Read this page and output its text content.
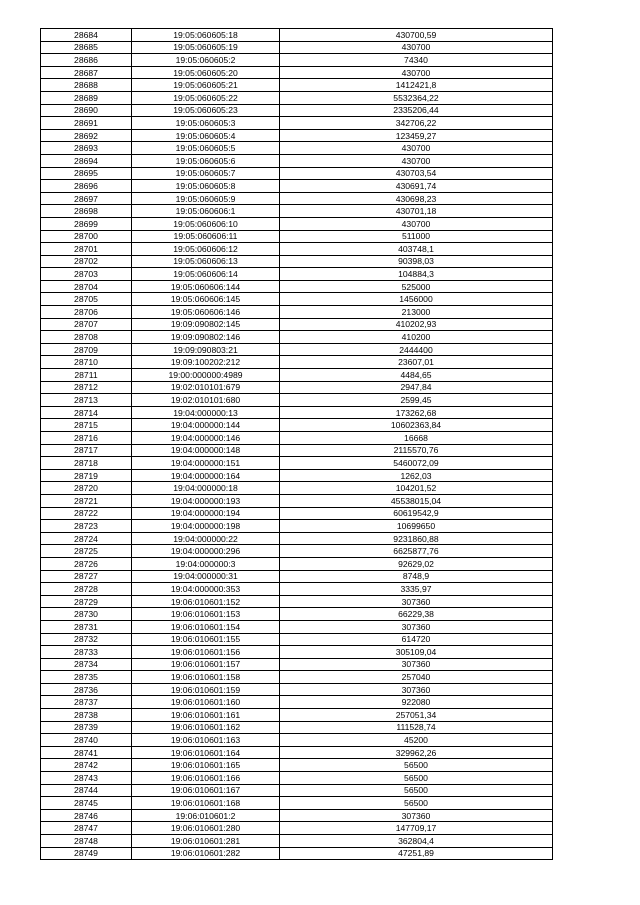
28684	19:05:060605:18	430700,59
28685	19:05:060605:19	430700
28686	19:05:060605:2	74340
28687	19:05:060605:20	430700
28688	19:05:060605:21	1412421,8
28689	19:05:060605:22	5532364,22
28690	19:05:060605:23	2335206,44
28691	19:05:060605:3	342706,22
28692	19:05:060605:4	123459,27
28693	19:05:060605:5	430700
28694	19:05:060605:6	430700
28695	19:05:060605:7	430703,54
28696	19:05:060605:8	430691,74
28697	19:05:060605:9	430698,23
28698	19:05:060606:1	430701,18
28699	19:05:060606:10	430700
28700	19:05:060606:11	511000
28701	19:05:060606:12	403748,1
28702	19:05:060606:13	90398,03
28703	19:05:060606:14	104884,3
28704	19:05:060606:144	525000
28705	19:05:060606:145	1456000
28706	19:05:060606:146	213000
28707	19:09:090802:145	410202,93
28708	19:09:090802:146	410200
28709	19:09:090803:21	2444400
28710	19:09:100202:212	23607,01
28711	19:00:000000:4989	4484,65
28712	19:02:010101:679	2947,84
28713	19:02:010101:680	2599,45
28714	19:04:000000:13	173262,68
28715	19:04:000000:144	10602363,84
28716	19:04:000000:146	16668
28717	19:04:000000:148	2115570,76
28718	19:04:000000:151	5460072,09
28719	19:04:000000:164	1262,03
28720	19:04:000000:18	104201,52
28721	19:04:000000:193	45538015,04
28722	19:04:000000:194	60619542,9
28723	19:04:000000:198	10699650
28724	19:04:000000:22	9231860,88
28725	19:04:000000:296	6625877,76
28726	19:04:000000:3	92629,02
28727	19:04:000000:31	8748,9
28728	19:04:000000:353	3335,97
28729	19:06:010601:152	307360
28730	19:06:010601:153	66229,38
28731	19:06:010601:154	307360
28732	19:06:010601:155	614720
28733	19:06:010601:156	305109,04
28734	19:06:010601:157	307360
28735	19:06:010601:158	257040
28736	19:06:010601:159	307360
28737	19:06:010601:160	922080
28738	19:06:010601:161	257051,34
28739	19:06:010601:162	111528,74
28740	19:06:010601:163	45200
28741	19:06:010601:164	329962,26
28742	19:06:010601:165	56500
28743	19:06:010601:166	56500
28744	19:06:010601:167	56500
28745	19:06:010601:168	56500
28746	19:06:010601:2	307360
28747	19:06:010601:280	147709,17
28748	19:06:010601:281	362804,4
28749	19:06:010601:282	47251,89
